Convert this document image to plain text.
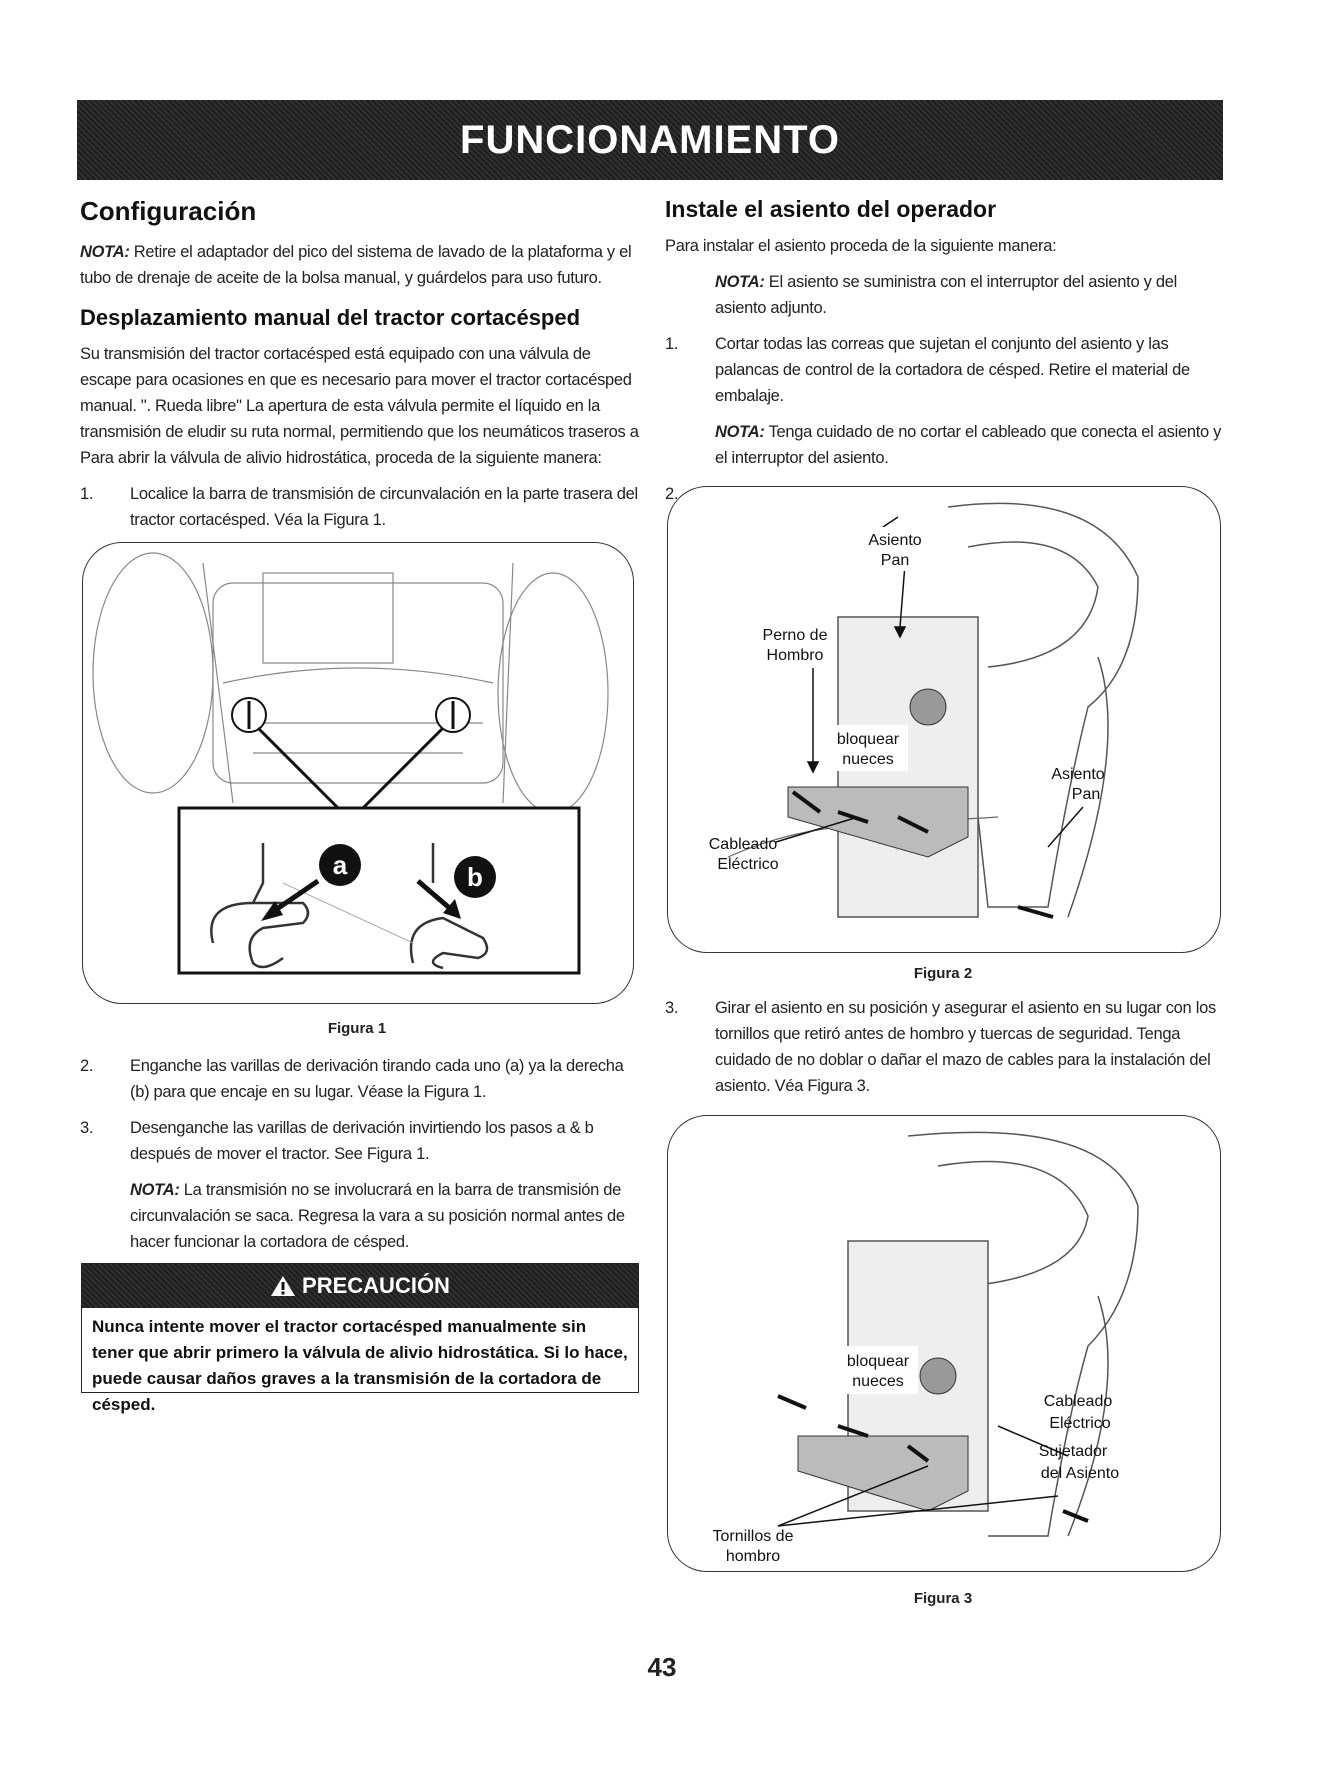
FUNCIONAMIENTO
Configuración

NOTA: Retire el adaptador del pico del sistema de lavado de la plataforma y el tubo de drenaje de aceite de la bolsa manual, y guárdelos para uso futuro.

Desplazamiento manual del tractor cortacésped

Su transmisión del tractor cortacésped está equipado con una válvula de escape para ocasiones en que es necesario para mover el tractor cortacésped manual. ". Rueda libre" La apertura de esta válvula permite el líquido en la transmisión de eludir su ruta normal, permitiendo que los neumáticos traseros a Para abrir la válvula de alivio hidrostática, proceda de la siguiente manera:

1. Localice la barra de transmisión de circunvalación en la parte trasera del tractor cortacésped. Véa la Figura 1.

a	b
Figura 1

2. Enganche las varillas de derivación tirando cada uno (a) ya la derecha (b) para que encaje en su lugar. Véase la Figura 1.

3. Desenganche las varillas de derivación invirtiendo los pasos a & b después de mover el tractor. See Figura 1.

NOTA: La transmisión no se involucrará en la barra de transmisión de circunvalación se saca. Regresa la vara a su posición normal antes de hacer funcionar la cortadora de césped.

PRECAUCIÓN
Nunca intente mover el tractor cortacésped manualmente sin tener que abrir primero la válvula de alivio hidrostática. Si lo hace, puede causar daños graves a la transmisión de la cortadora de césped.
Instale el asiento del operador

Para instalar el asiento proceda de la siguiente manera:

NOTA: El asiento se suministra con el interruptor del asiento y del asiento adjunto.

1. Cortar todas las correas que sujetan el conjunto del asiento y las palancas de control de la cortadora de césped. Retire el material de embalaje.

NOTA: Tenga cuidado de no cortar el cableado que conecta el asiento y el interruptor del asiento.

2.

Asiento
Pan
Perno de
Hombro
bloquear
nueces
Asiento
Pan
Cableado
Eléctrico
Figura 2

3. Girar el asiento en su posición y asegurar el asiento en su lugar con los tornillos que retiró antes de hombro y tuercas de seguridad. Tenga cuidado de no doblar o dañar el mazo de cables para la instalación del asiento. Véa Figura 3.

bloquear
nueces
Cableado
Eléctrico
Sujetador
del Asiento
Tornillos de
hombro
Figura 3
43
